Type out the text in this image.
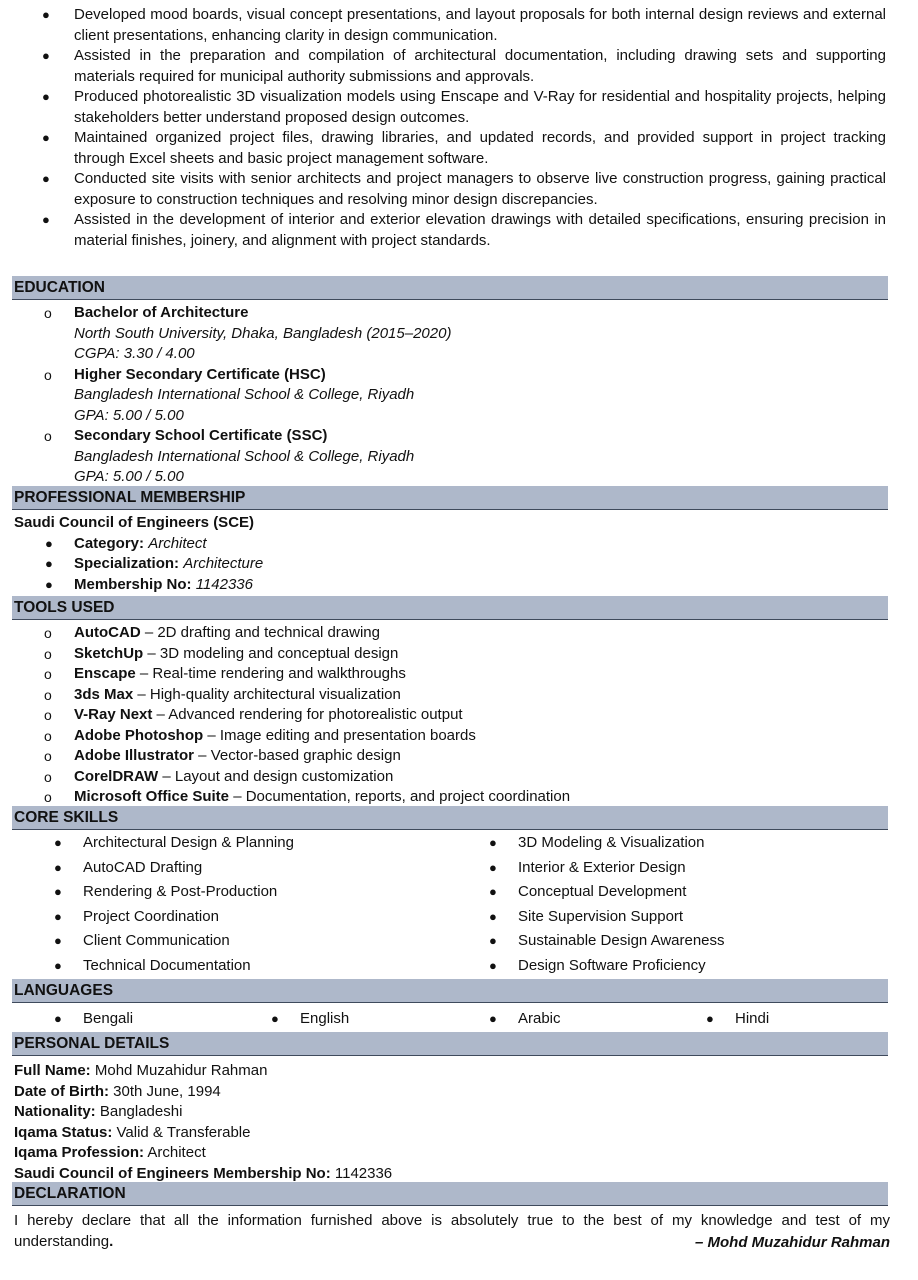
● Developed mood boards, visual concept presentations, and layout proposals for both internal design reviews and external client presentations, enhancing clarity in design communication.
● Assisted in the preparation and compilation of architectural documentation, including drawing sets and supporting materials required for municipal authority submissions and approvals.
● Produced photorealistic 3D visualization models using Enscape and V-Ray for residential and hospitality projects, helping stakeholders better understand proposed design outcomes.
● Maintained organized project files, drawing libraries, and updated records, and provided support in project tracking through Excel sheets and basic project management software.
● Conducted site visits with senior architects and project managers to observe live construction progress, gaining practical exposure to construction techniques and resolving minor design discrepancies.
● Assisted in the development of interior and exterior elevation drawings with detailed specifications, ensuring precision in material finishes, joinery, and alignment with project standards.
EDUCATION
o Bachelor of Architecture
North South University, Dhaka, Bangladesh (2015–2020)
CGPA: 3.30 / 4.00
o Higher Secondary Certificate (HSC)
Bangladesh International School & College, Riyadh
GPA: 5.00 / 5.00
o Secondary School Certificate (SSC)
Bangladesh International School & College, Riyadh
GPA: 5.00 / 5.00
PROFESSIONAL MEMBERSHIP
Saudi Council of Engineers (SCE)
● Category: Architect
● Specialization: Architecture
● Membership No: 1142336
TOOLS USED
o AutoCAD – 2D drafting and technical drawing
o SketchUp – 3D modeling and conceptual design
o Enscape – Real-time rendering and walkthroughs
o 3ds Max – High-quality architectural visualization
o V-Ray Next – Advanced rendering for photorealistic output
o Adobe Photoshop – Image editing and presentation boards
o Adobe Illustrator – Vector-based graphic design
o CorelDRAW – Layout and design customization
o Microsoft Office Suite – Documentation, reports, and project coordination
CORE SKILLS
● Architectural Design & Planning
● AutoCAD Drafting
● Rendering & Post-Production
● Project Coordination
● Client Communication
● Technical Documentation
● 3D Modeling & Visualization
● Interior & Exterior Design
● Conceptual Development
● Site Supervision Support
● Sustainable Design Awareness
● Design Software Proficiency
LANGUAGES
● Bengali	● English	● Arabic	● Hindi
PERSONAL DETAILS
Full Name: Mohd Muzahidur Rahman
Date of Birth: 30th June, 1994
Nationality: Bangladeshi
Iqama Status: Valid & Transferable
Iqama Profession: Architect
Saudi Council of Engineers Membership No: 1142336
DECLARATION
I hereby declare that all the information furnished above is absolutely true to the best of my knowledge and test of my understanding.	– Mohd Muzahidur Rahman
